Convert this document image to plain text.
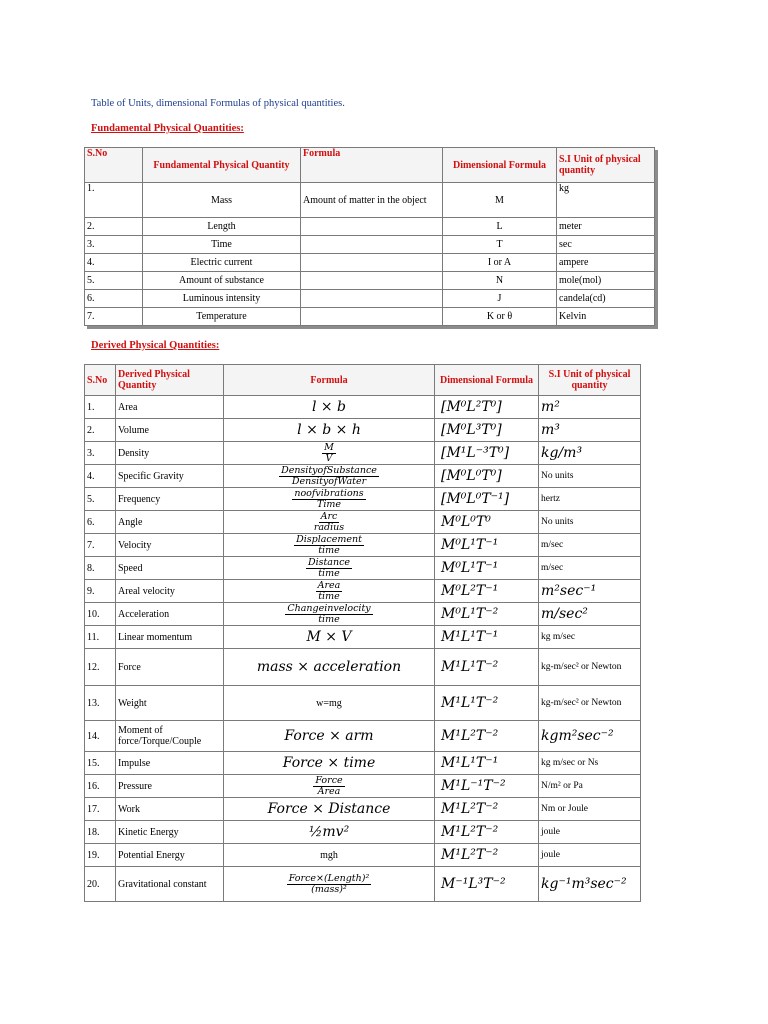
Table of Units, dimensional Formulas of physical quantities.
Fundamental Physical Quantities:
S.No	Fundamental Physical Quantity	Formula	Dimensional Formula	S.I Unit of physical quantity
1.	Mass	Amount of matter in the object	M	kg
2.	Length		L	meter
3.	Time		T	sec
4.	Electric current		I or A	ampere
5.	Amount of substance		N	mole(mol)
6.	Luminous intensity		J	candela(cd)
7.	Temperature		K or θ	Kelvin
Derived Physical Quantities:
S.No	Derived Physical Quantity	Formula	Dimensional Formula	S.I Unit of physical quantity
1.	Area	l × b	[M⁰L²T⁰]	m²
2.	Volume	l × b × h	[M⁰L³T⁰]	m³
3.	Density	$\frac{M}{V}$	[M¹L⁻³T⁰]	kg/m³
4.	Specific Gravity	$\frac{\text{DensityofSubstance}}{\text{DensityofWater}}$	[M⁰L⁰T⁰]	No units
5.	Frequency	$\frac{\text{noofvibrations}}{\text{Time}}$	[M⁰L⁰T⁻¹]	hertz
6.	Angle	$\frac{\text{Arc}}{\text{radius}}$	M⁰L⁰T⁰	No units
7.	Velocity	$\frac{\text{Displacement}}{\text{time}}$	M⁰L¹T⁻¹	m/sec
8.	Speed	$\frac{\text{Distance}}{\text{time}}$	M⁰L¹T⁻¹	m/sec
9.	Areal velocity	$\frac{\text{Area}}{\text{time}}$	M⁰L²T⁻¹	m²sec⁻¹
10.	Acceleration	$\frac{\text{Changeinvelocity}}{\text{time}}$	M⁰L¹T⁻²	m/sec²
11.	Linear momentum	M × V	M¹L¹T⁻¹	kg m/sec
12.	Force	mass × acceleration	M¹L¹T⁻²	kg-m/sec² or Newton
13.	Weight	w=mg	M¹L¹T⁻²	kg-m/sec² or Newton
14.	Moment of force/Torque/Couple	Force × arm	M¹L²T⁻²	kgm²sec⁻²
15.	Impulse	Force × time	M¹L¹T⁻¹	kg m/sec or Ns
16.	Pressure	$\frac{\text{Force}}{\text{Area}}$	M¹L⁻¹T⁻²	N/m² or Pa
17.	Work	Force × Distance	M¹L²T⁻²	Nm or Joule
18.	Kinetic Energy	½mv²	M¹L²T⁻²	joule
19.	Potential Energy	mgh	M¹L²T⁻²	joule
20.	Gravitational constant	$\frac{\text{Force×(Length)²}}{\text{(mass)²}}$	M⁻¹L³T⁻²	kg⁻¹m³sec⁻²
